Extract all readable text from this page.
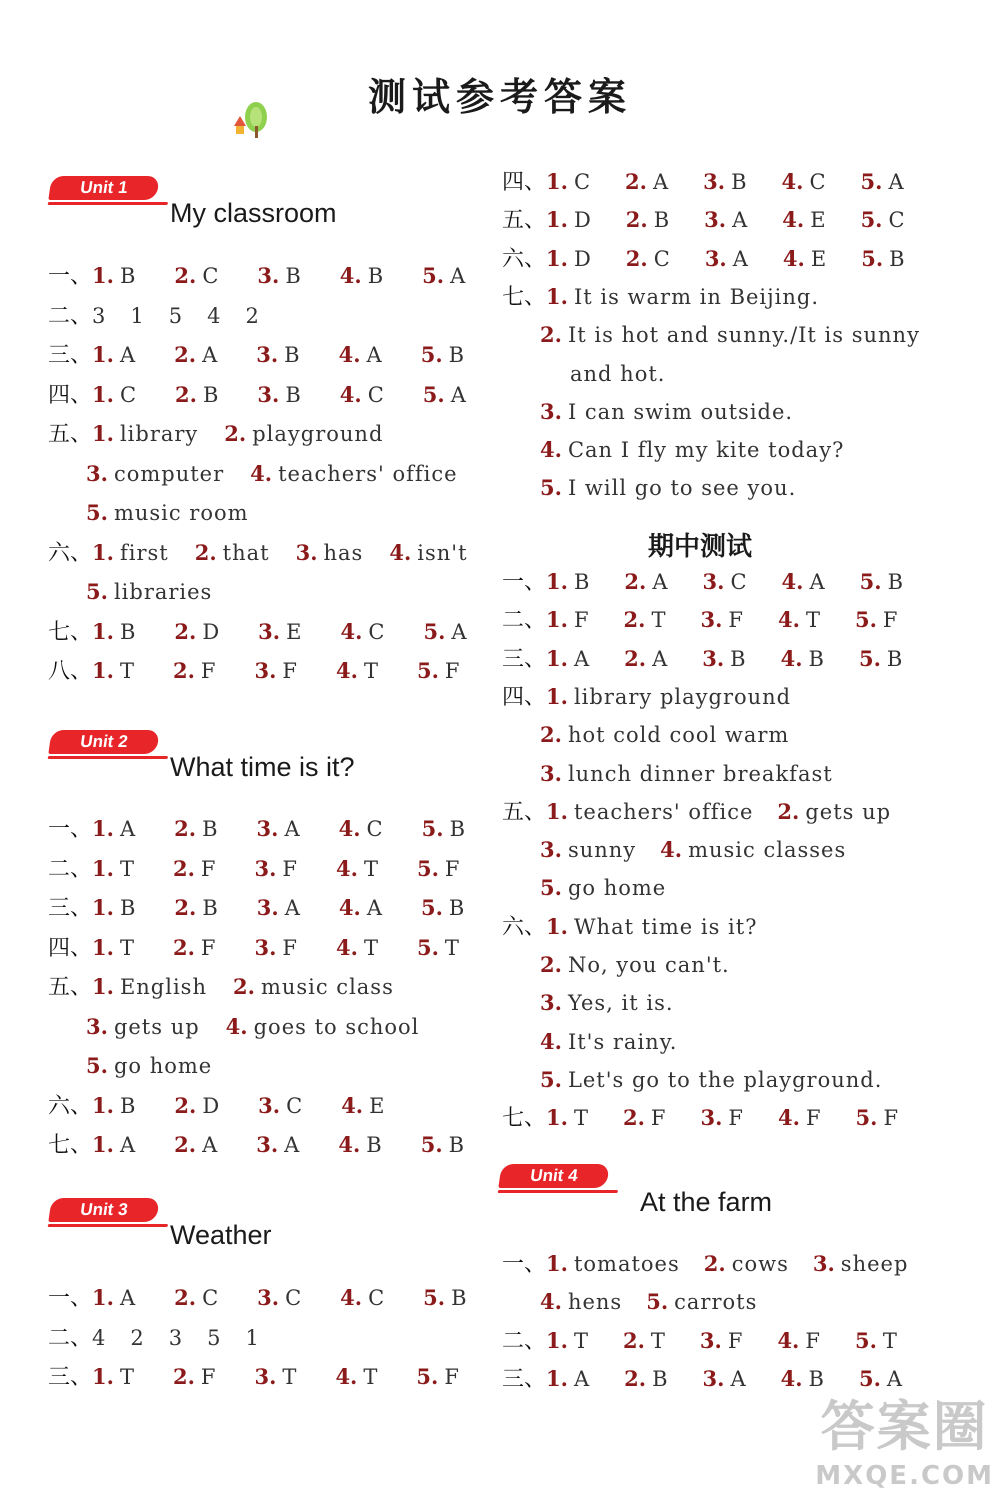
测试参考答案
Unit 1
My classroom
一、1. B 2. C 3. B 4. B 5. A
二、3 1 5 4 2
三、1. A 2. A 3. B 4. A 5. B
四、1. C 2. B 3. B 4. C 5. A
五、1. library 2. playground
3. computer 4. teachers' office
5. music room
六、1. first 2. that 3. has 4. isn't
5. libraries
七、1. B 2. D 3. E 4. C 5. A
八、1. T 2. F 3. F 4. T 5. F
Unit 2
What time is it?
一、1. A 2. B 3. A 4. C 5. B
二、1. T 2. F 3. F 4. T 5. F
三、1. B 2. B 3. A 4. A 5. B
四、1. T 2. F 3. F 4. T 5. T
五、1. English 2. music class
3. gets up 4. goes to school
5. go home
六、1. B 2. D 3. C 4. E
七、1. A 2. A 3. A 4. B 5. B
Unit 3
Weather
一、1. A 2. C 3. C 4. C 5. B
二、4 2 3 5 1
三、1. T 2. F 3. T 4. T 5. F
四、1. C 2. A 3. B 4. C 5. A
五、1. D 2. B 3. A 4. E 5. C
六、1. D 2. C 3. A 4. E 5. B
七、1. It is warm in Beijing.
2. It is hot and sunny./It is sunny
and hot.
3. I can swim outside.
4. Can I fly my kite today?
5. I will go to see you.
期中测试
一、1. B 2. A 3. C 4. A 5. B
二、1. F 2. T 3. F 4. T 5. F
三、1. A 2. A 3. B 4. B 5. B
四、1. library playground
2. hot cold cool warm
3. lunch dinner breakfast
五、1. teachers' office 2. gets up
3. sunny 4. music classes
5. go home
六、1. What time is it?
2. No, you can't.
3. Yes, it is.
4. It's rainy.
5. Let's go to the playground.
七、1. T 2. F 3. F 4. F 5. F
Unit 4
At the farm
一、1. tomatoes 2. cows 3. sheep
4. hens 5. carrots
二、1. T 2. T 3. F 4. F 5. T
三、1. A 2. B 3. A 4. B 5. A
答案圈
MXQE.COM
